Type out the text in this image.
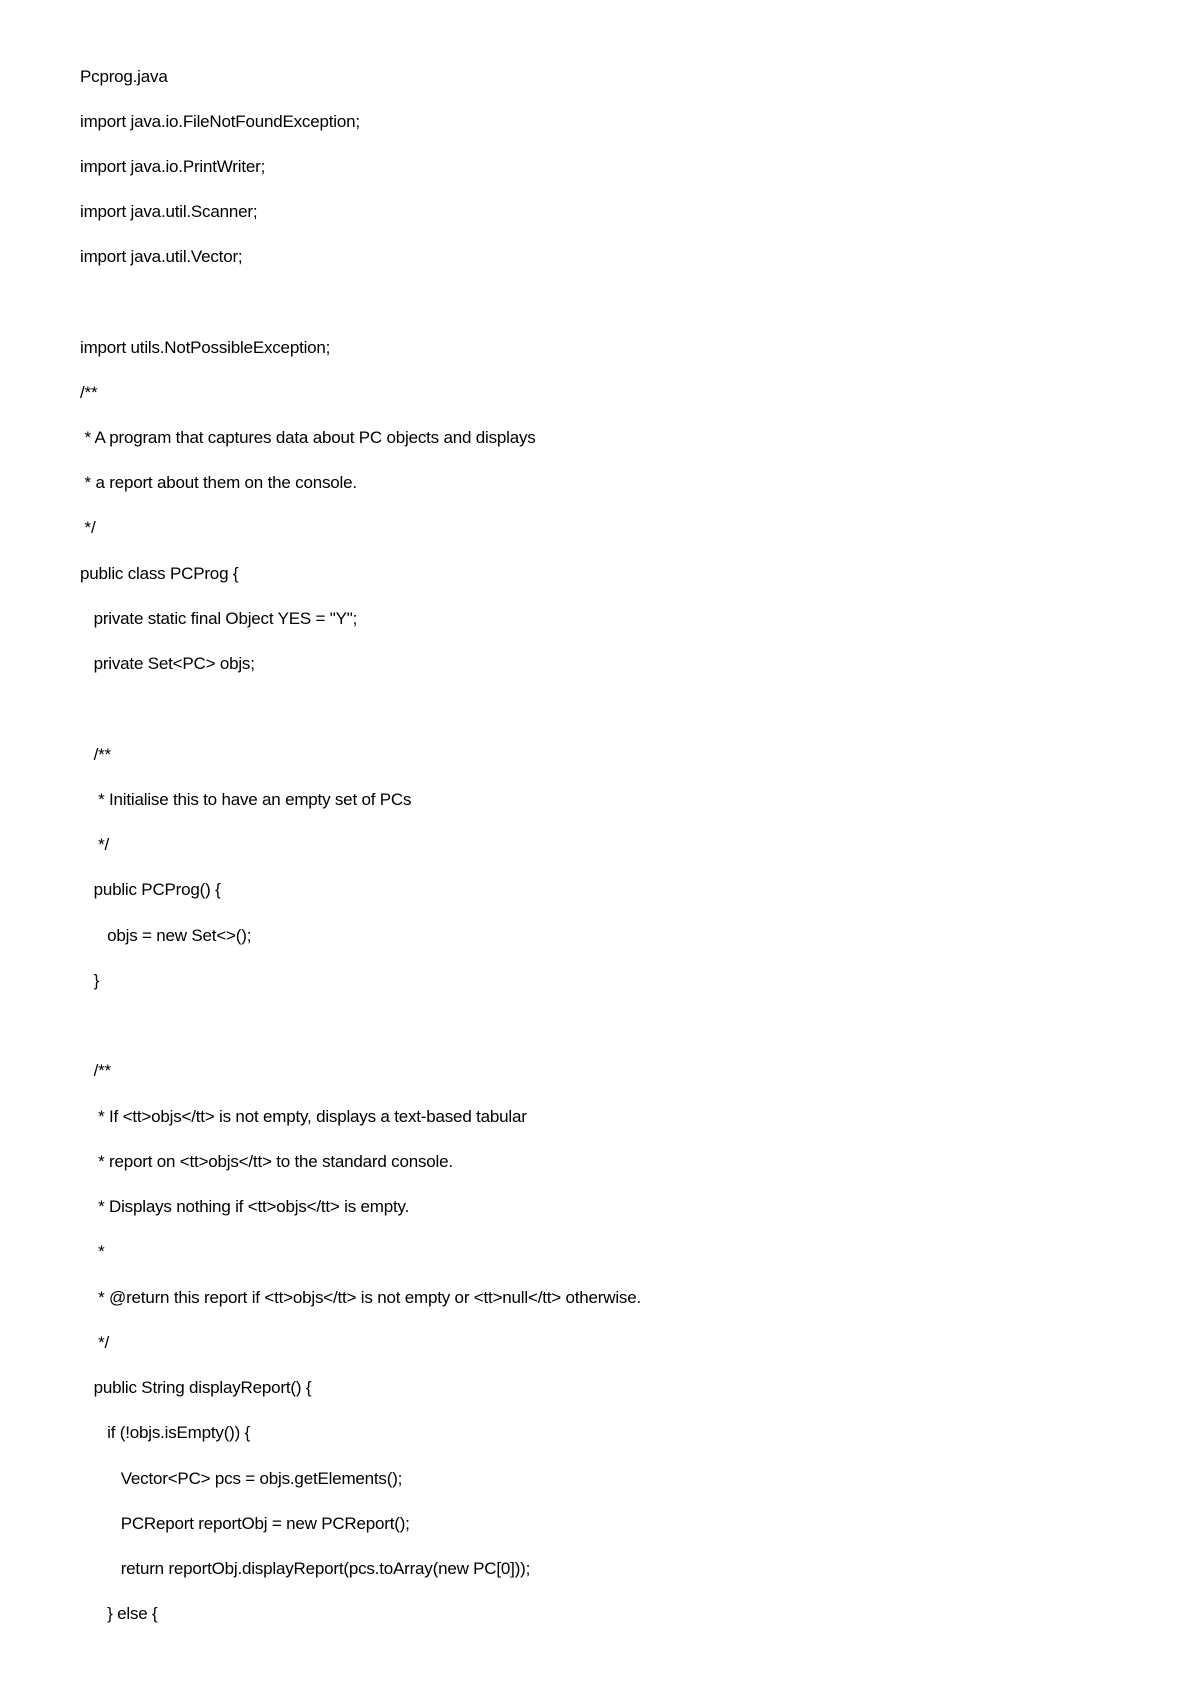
Pcprog.java
import java.io.FileNotFoundException;
import java.io.PrintWriter;
import java.util.Scanner;
import java.util.Vector;
import utils.NotPossibleException;
/**
* A program that captures data about PC objects and displays
* a report about them on the console.
*/
public class PCProg {
private static final Object YES = "Y";
private Set<PC> objs;
/**
* Initialise this to have an empty set of PCs
*/
public PCProg() {
objs = new Set<>();
}
/**
* If <tt>objs</tt> is not empty, displays a text-based tabular
* report on <tt>objs</tt> to the standard console.
* Displays nothing if <tt>objs</tt> is empty.
*
* @return this report if <tt>objs</tt> is not empty or <tt>null</tt> otherwise.
*/
public String displayReport() {
if (!objs.isEmpty()) {
Vector<PC> pcs = objs.getElements();
PCReport reportObj = new PCReport();
return reportObj.displayReport(pcs.toArray(new PC[0]));
} else {
